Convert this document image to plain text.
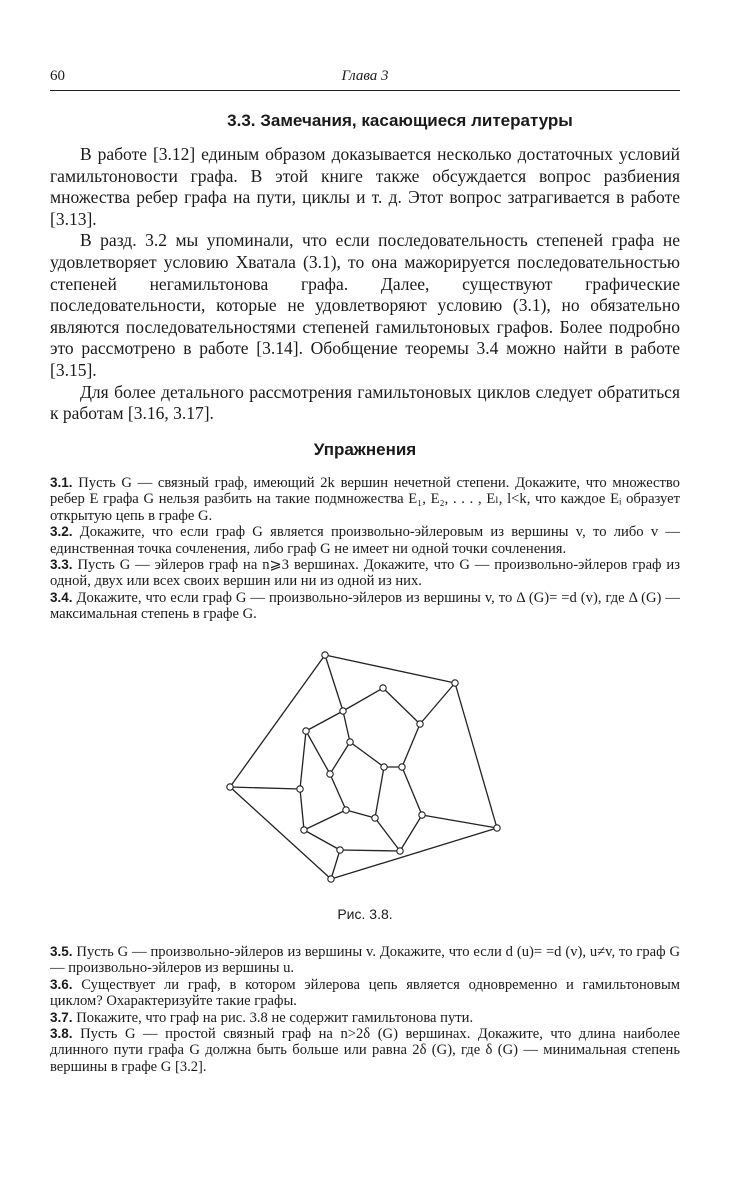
60	Глава 3
3.3. Замечания, касающиеся литературы

В работе [3.12] единым образом доказывается несколько достаточных условий гамильтоновости графа. В этой книге также обсуждается вопрос разбиения множества ребер графа на пути, циклы и т. д. Этот вопрос затрагивается в работе [3.13].

В разд. 3.2 мы упоминали, что если последовательность степеней графа не удовлетворяет условию Хватала (3.1), то она мажорируется последовательностью степеней негамильтонова графа. Далее, существуют графические последовательности, которые не удовлетворяют условию (3.1), но обязательно являются последовательностями степеней гамильтоновых графов. Более подробно это рассмотрено в работе [3.14]. Обобщение теоремы 3.4 можно найти в работе [3.15].

Для более детального рассмотрения гамильтоновых циклов следует обратиться к работам [3.16, 3.17].

Упражнения

3.1. Пусть G — связный граф, имеющий 2k вершин нечетной степени. Докажите, что множество ребер E графа G нельзя разбить на такие подмножества E₁, E₂, . . . , Eₗ, l<k, что каждое Eᵢ образует открытую цепь в графе G.

3.2. Докажите, что если граф G является произвольно-эйлеровым из вершины v, то либо v — единственная точка сочленения, либо граф G не имеет ни одной точки сочленения.

3.3. Пусть G — эйлеров граф на n⩾3 вершинах. Докажите, что G — произвольно-эйлеров граф из одной, двух или всех своих вершин или ни из одной из них.

3.4. Докажите, что если граф G — произвольно-эйлеров из вершины v, то Δ (G)= =d (v), где Δ (G) — максимальная степень в графе G.

Рис. 3.8.

3.5. Пусть G — произвольно-эйлеров из вершины v. Докажите, что если d (u)= =d (v), u≠v, то граф G — произвольно-эйлеров из вершины u.

3.6. Существует ли граф, в котором эйлерова цепь является одновременно и гамильтоновым циклом? Охарактеризуйте такие графы.

3.7. Покажите, что граф на рис. 3.8 не содержит гамильтонова пути.

3.8. Пусть G — простой связный граф на n>2δ (G) вершинах. Докажите, что длина наиболее длинного пути графа G должна быть больше или равна 2δ (G), где δ (G) — минимальная степень вершины в графе G [3.2].
